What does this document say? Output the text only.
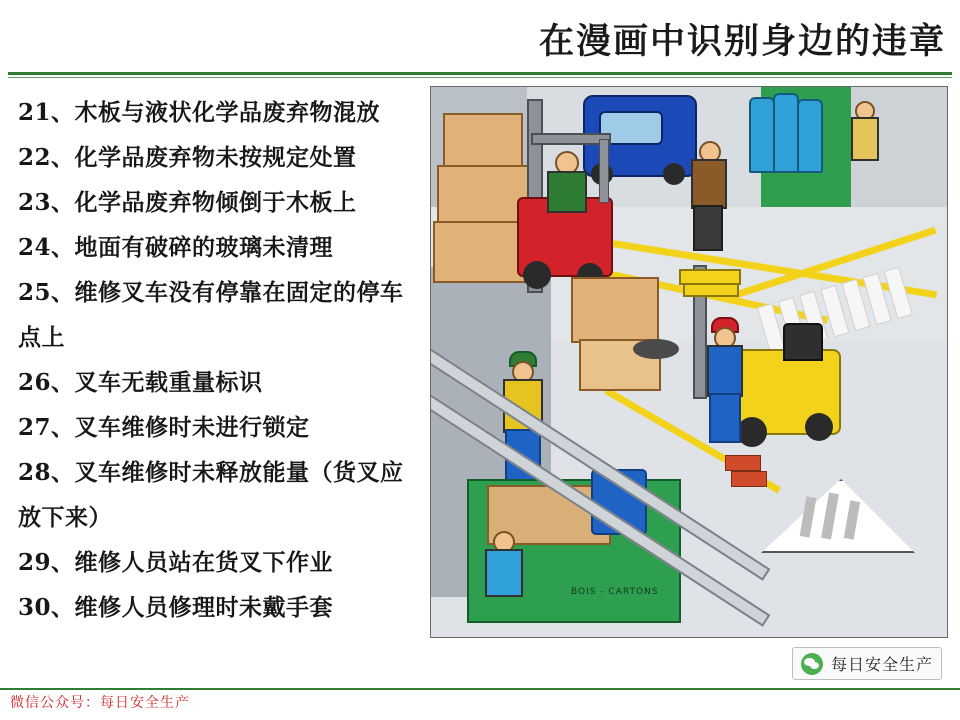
在漫画中识别身边的违章
21、木板与液状化学品废弃物混放
22、化学品废弃物未按规定处置
23、化学品废弃物倾倒于木板上
24、地面有破碎的玻璃未清理
25、维修叉车没有停靠在固定的停车
点上
26、叉车无载重量标识
27、叉车维修时未进行锁定
28、叉车维修时未释放能量（货叉应
放下来）
29、维修人员站在货叉下作业
30、维修人员修理时未戴手套
BOIS - CARTONS
每日安全生产
微信公众号：每日安全生产
